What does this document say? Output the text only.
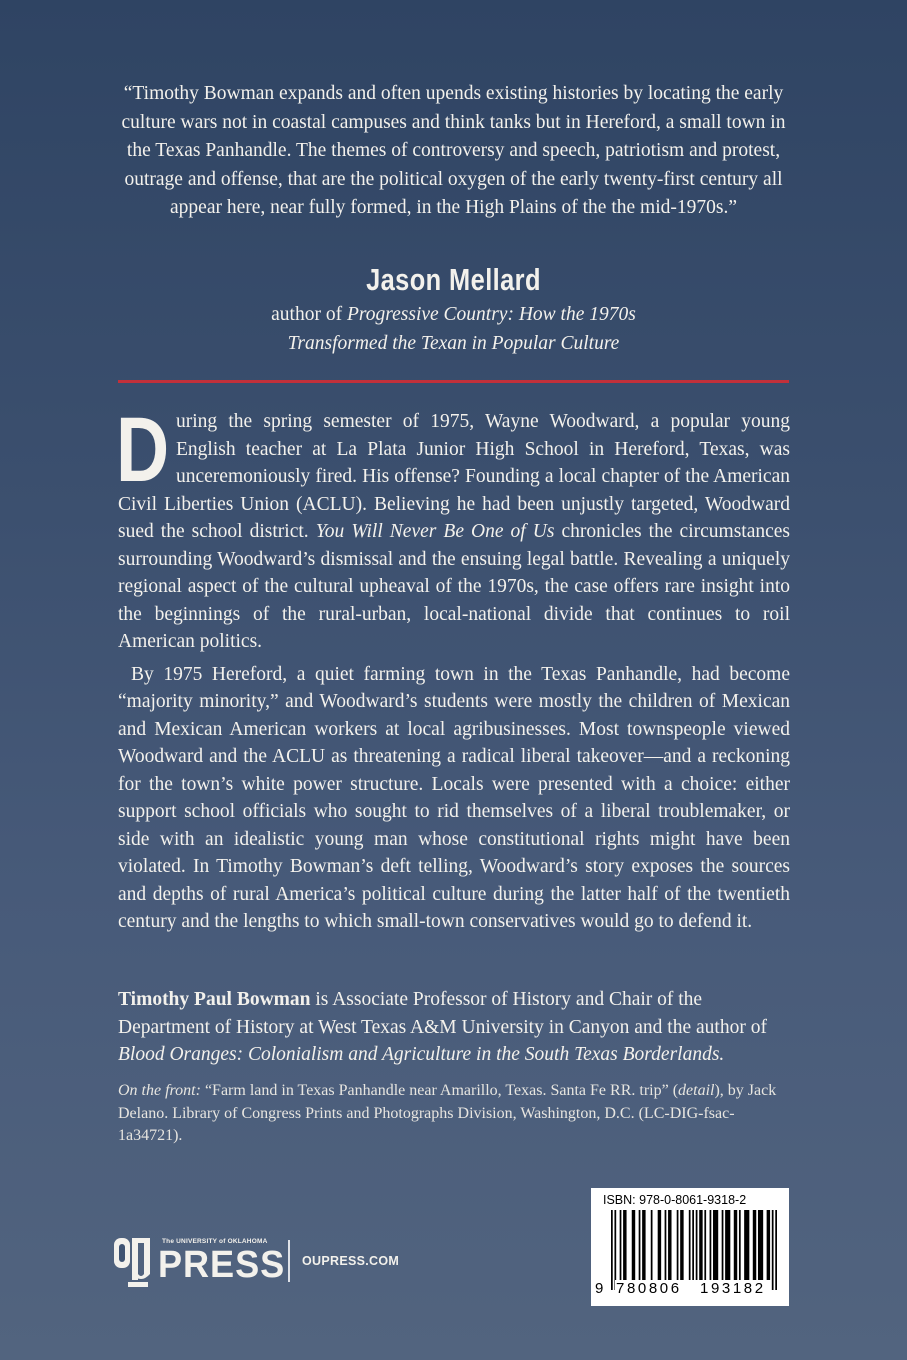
“Timothy Bowman expands and often upends existing histories by locating the early culture wars not in coastal campuses and think tanks but in Hereford, a small town in the Texas Panhandle. The themes of controversy and speech, patriotism and protest, outrage and offense, that are the political oxygen of the early twenty-first century all appear here, near fully formed, in the High Plains of the the mid-1970s.”
Jason Mellard
author of Progressive Country: How the 1970s
Transformed the Texan in Popular Culture

During the spring semester of 1975, Wayne Woodward, a popular young English teacher at La Plata Junior High School in Hereford, Texas, was unceremoniously fired. His offense? Founding a local chapter of the American Civil Liberties Union (ACLU). Believing he had been unjustly targeted, Woodward sued the school district. You Will Never Be One of Us chronicles the circumstances surrounding Woodward’s dismissal and the ensuing legal battle. Revealing a uniquely regional aspect of the cultural upheaval of the 1970s, the case offers rare insight into the beginnings of the rural-urban, local-national divide that continues to roil American politics.

By 1975 Hereford, a quiet farming town in the Texas Panhandle, had become “majority minority,” and Woodward’s students were mostly the children of Mexican and Mexican American workers at local agribusinesses. Most townspeople viewed Woodward and the ACLU as threatening a radical liberal takeover—and a reckoning for the town’s white power structure. Locals were presented with a choice: either support school officials who sought to rid themselves of a liberal troublemaker, or side with an idealistic young man whose constitutional rights might have been violated. In Timothy Bowman’s deft telling, Woodward’s story exposes the sources and depths of rural America’s political culture during the latter half of the twentieth century and the lengths to which small-town conservatives would go to defend it.

Timothy Paul Bowman is Associate Professor of History and Chair of the Department of History at West Texas A&M University in Canyon and the author of Blood Oranges: Colonialism and Agriculture in the South Texas Borderlands.
On the front: “Farm land in Texas Panhandle near Amarillo, Texas. Santa Fe RR. trip” (detail), by Jack Delano. Library of Congress Prints and Photographs Division, Washington, D.C. (LC-DIG-fsac-1a34721).
The UNIVERSITY of OKLAHOMA
PRESS OUPRESS.COM
ISBN: 978-0-8061-9318-2
9 780806 193182
